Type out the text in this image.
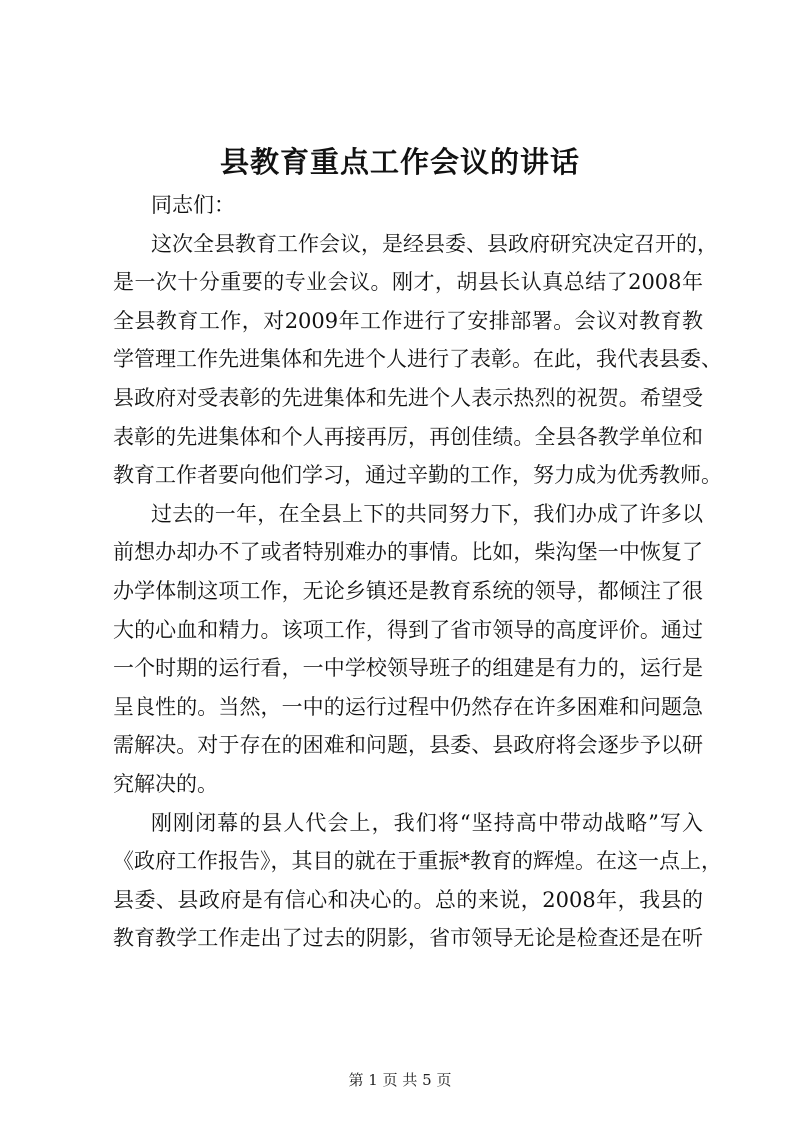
县教育重点工作会议的讲话
同志们：
这次全县教育工作会议，是经县委、县政府研究决定召开的，
是一次十分重要的专业会议。刚才，胡县长认真总结了2008年
全县教育工作，对2009年工作进行了安排部署。会议对教育教
学管理工作先进集体和先进个人进行了表彰。在此，我代表县委、
县政府对受表彰的先进集体和先进个人表示热烈的祝贺。希望受
表彰的先进集体和个人再接再厉，再创佳绩。全县各教学单位和
教育工作者要向他们学习，通过辛勤的工作，努力成为优秀教师。
过去的一年，在全县上下的共同努力下，我们办成了许多以
前想办却办不了或者特别难办的事情。比如，柴沟堡一中恢复了
办学体制这项工作，无论乡镇还是教育系统的领导，都倾注了很
大的心血和精力。该项工作，得到了省市领导的高度评价。通过
一个时期的运行看，一中学校领导班子的组建是有力的，运行是
呈良性的。当然，一中的运行过程中仍然存在许多困难和问题急
需解决。对于存在的困难和问题，县委、县政府将会逐步予以研
究解决的。
刚刚闭幕的县人代会上，我们将“坚持高中带动战略”写入
《政府工作报告》，其目的就在于重振*教育的辉煌。在这一点上，
县委、县政府是有信心和决心的。总的来说，2008年，我县的
教育教学工作走出了过去的阴影，省市领导无论是检查还是在听
第 1 页 共 5 页
